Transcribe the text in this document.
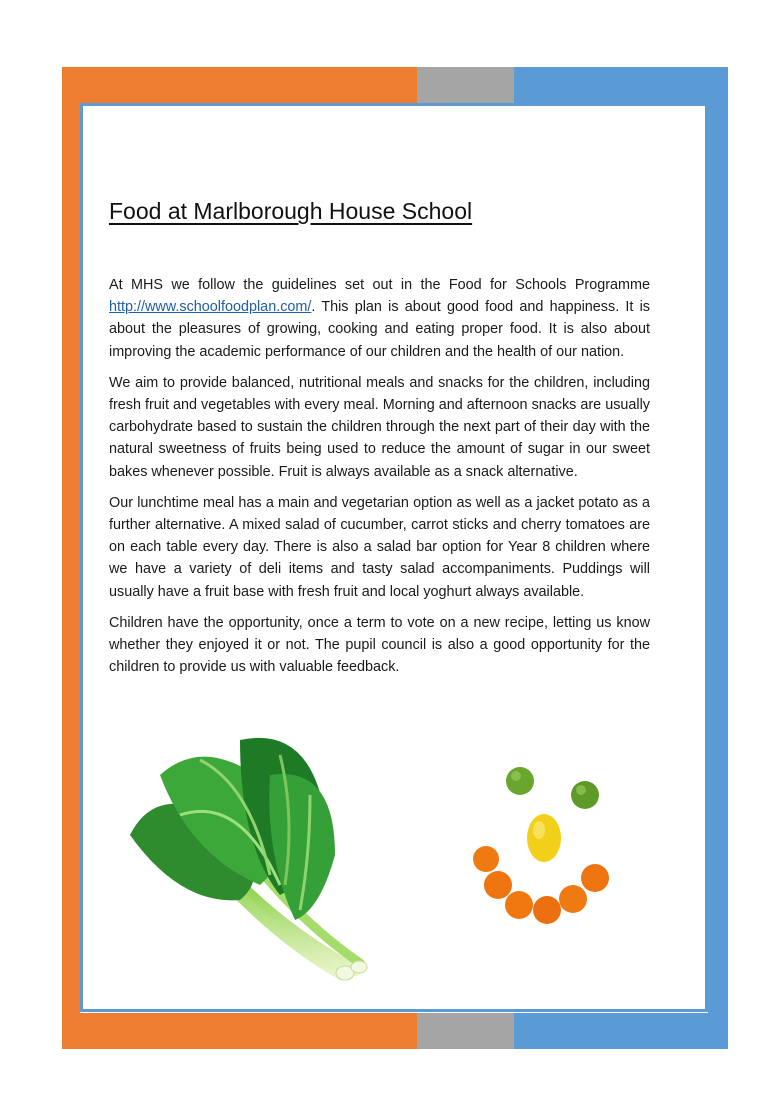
Food at Marlborough House School

At MHS we follow the guidelines set out in the Food for Schools Programme http://www.schoolfoodplan.com/. This plan is about good food and happiness. It is about the pleasures of growing, cooking and eating proper food. It is also about improving the academic performance of our children and the health of our nation.

We aim to provide balanced, nutritional meals and snacks for the children, including fresh fruit and vegetables with every meal. Morning and afternoon snacks are usually carbohydrate based to sustain the children through the next part of their day with the natural sweetness of fruits being used to reduce the amount of sugar in our sweet bakes whenever possible. Fruit is always available as a snack alternative.

Our lunchtime meal has a main and vegetarian option as well as a jacket potato as a further alternative. A mixed salad of cucumber, carrot sticks and cherry tomatoes are on each table every day. There is also a salad bar option for Year 8 children where we have a variety of deli items and tasty salad accompaniments. Puddings will usually have a fruit base with fresh fruit and local yoghurt always available.

Children have the opportunity, once a term to vote on a new recipe, letting us know whether they enjoyed it or not. The pupil council is also a good opportunity for the children to provide us with valuable feedback.
